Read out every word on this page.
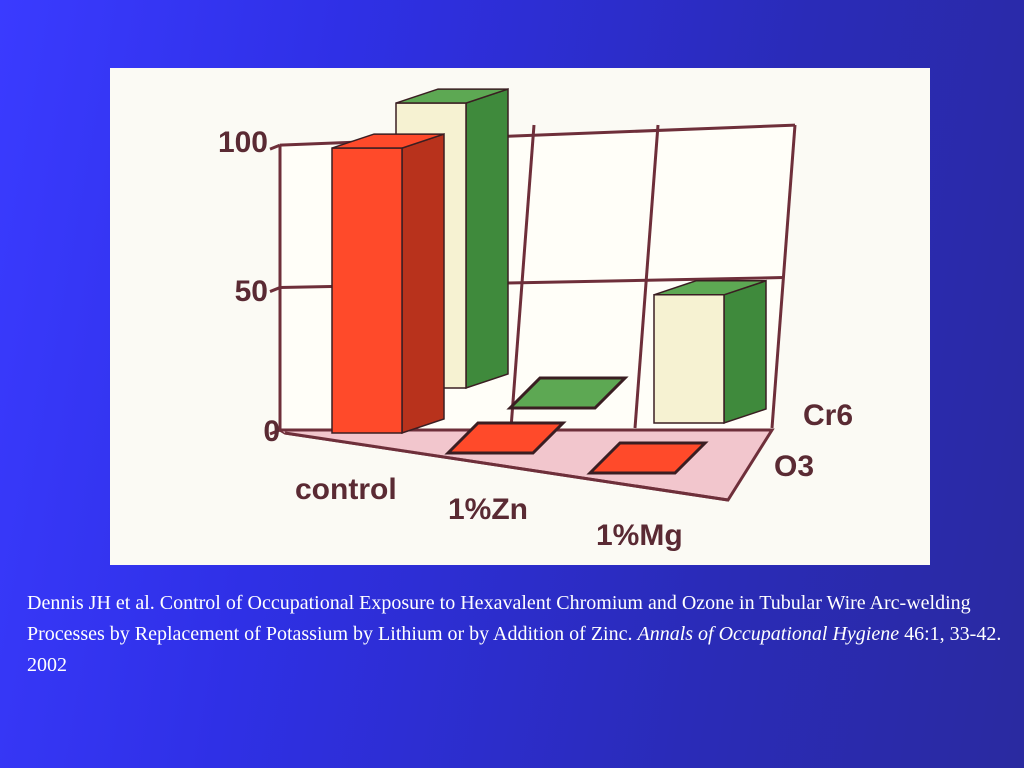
100
50
0
control
1%Zn
1%Mg
Cr6
O3
Dennis JH et al. Control of Occupational Exposure to Hexavalent Chromium and Ozone in Tubular Wire Arc-welding Processes by Replacement of Potassium by Lithium or by Addition of Zinc. Annals of Occupational Hygiene 46:1, 33-42. 2002
